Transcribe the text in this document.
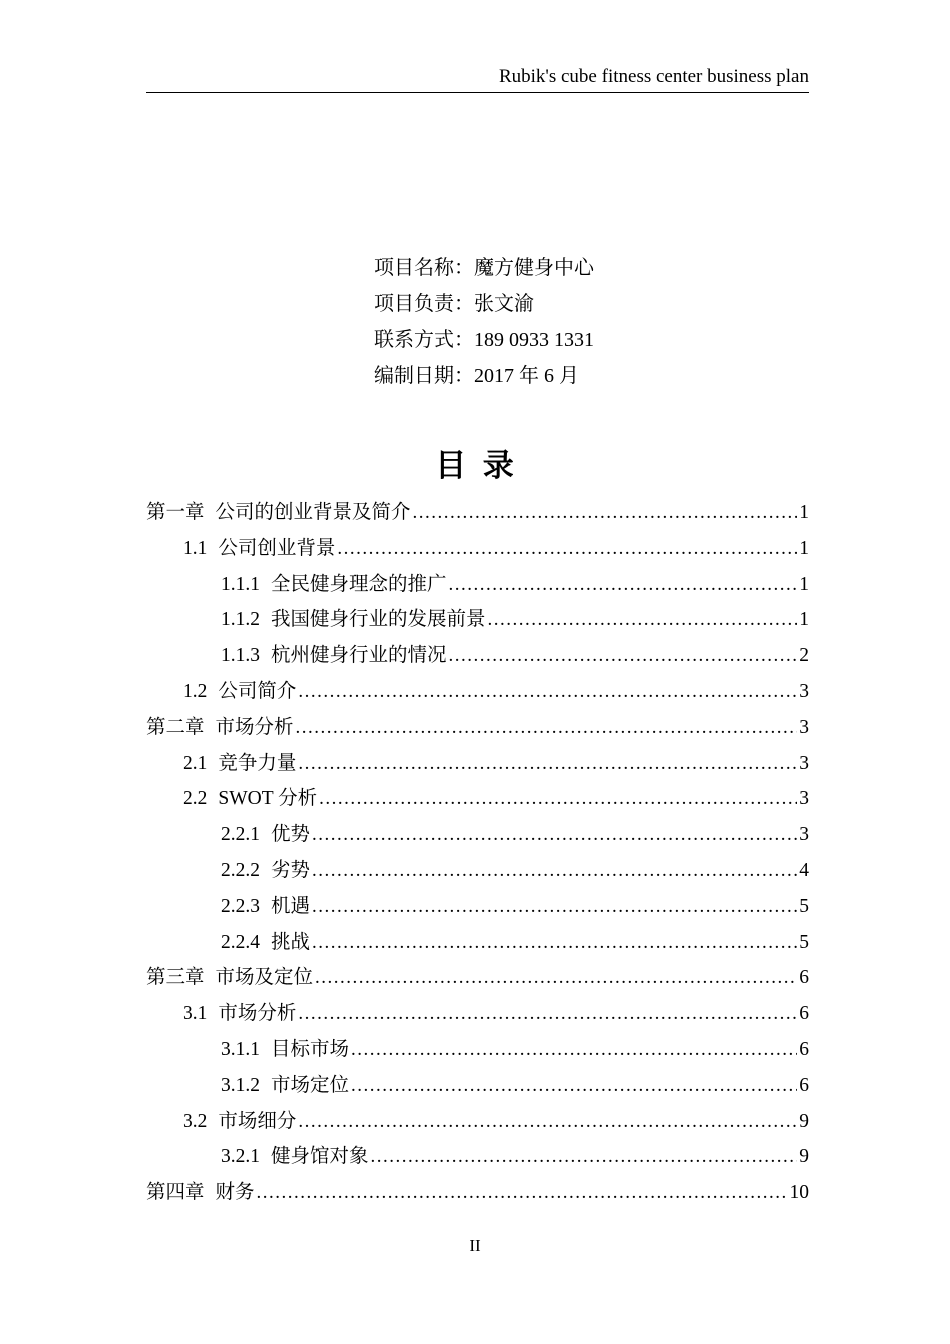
Rubik's cube fitness center business plan
项目名称：魔方健身中心
项目负责：张文渝
联系方式：189 0933 1331
编制日期：2017 年 6 月
目 录
第一章 公司的创业背景及简介 .....	1
1.1 公司创业背景 .....	1
1.1.1 全民健身理念的推广 .....	1
1.1.2 我国健身行业的发展前景 .....	1
1.1.3 杭州健身行业的情况 .....	2
1.2 公司简介 .....	3
第二章 市场分析 .....	3
2.1 竞争力量 .....	3
2.2 SWOT 分析 .....	3
2.2.1 优势 .....	3
2.2.2 劣势 .....	4
2.2.3 机遇 .....	5
2.2.4 挑战 .....	5
第三章 市场及定位 .....	6
3.1 市场分析 .....	6
3.1.1 目标市场 .....	6
3.1.2 市场定位 .....	6
3.2 市场细分 .....	9
3.2.1 健身馆对象 .....	9
第四章 财务 .....	10
II
